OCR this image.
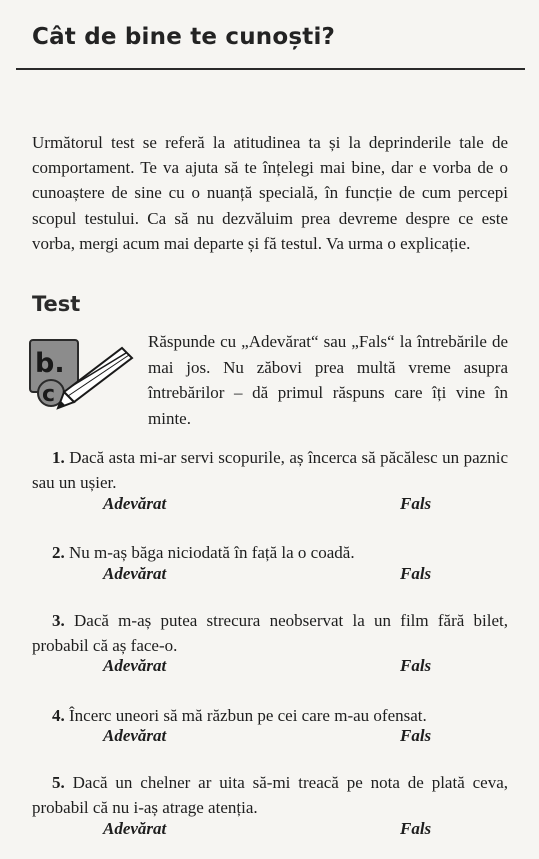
Cât de bine te cunoști?

Următorul test se referă la atitudinea ta și la deprinderile tale de comportament. Te va ajuta să te înțelegi mai bine, dar e vorba de o cunoaștere de sine cu o nuanță specială, în funcție de cum percepi scopul testului. Ca să nu dezvăluim prea devreme despre ce este vorba, mergi acum mai departe și fă testul. Va urma o explicație.

Test
b.
c

Răspunde cu „Adevărat“ sau „Fals“ la întrebările de mai jos. Nu zăbovi prea multă vreme asupra întrebărilor – dă primul răspuns care îți vine în minte.

1. Dacă asta mi-ar servi scopurile, aș încerca să păcălesc un paznic sau un ușier.

Adevărat	Fals

2. Nu m-aș băga niciodată în față la o coadă.

Adevărat	Fals

3. Dacă m-aș putea strecura neobservat la un film fără bilet, probabil că aș face-o.

Adevărat	Fals

4. Încerc uneori să mă răzbun pe cei care m-au ofensat.

Adevărat	Fals

5. Dacă un chelner ar uita să-mi treacă pe nota de plată ceva, probabil că nu i-aș atrage atenția.

Adevărat	Fals
